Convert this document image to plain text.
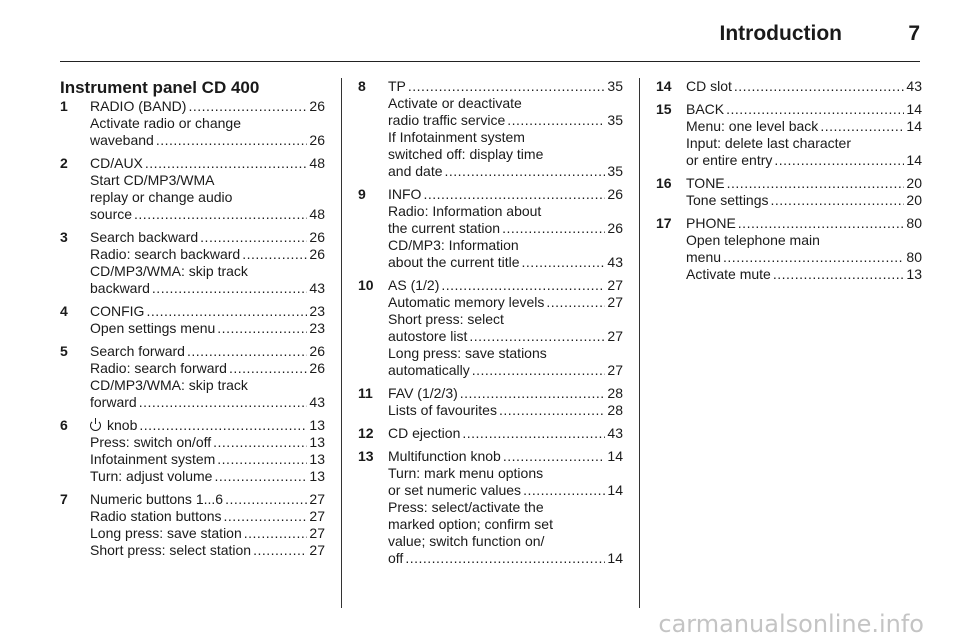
Introduction	7
Instrument panel CD 400
1	RADIO (BAND) .....	26
Activate radio or change
waveband .....	26
2	CD/AUX .....	48
Start CD/MP3/WMA
replay or change audio
source .....	48
3	Search backward .....	26
Radio: search backward .....	26
CD/MP3/WMA: skip track
backward .....	43
4	CONFIG .....	23
Open settings menu .....	23
5	Search forward .....	26
Radio: search forward .....	26
CD/MP3/WMA: skip track
forward .....	43
6	knob .....	13
Press: switch on/off .....	13
Infotainment system .....	13
Turn: adjust volume .....	13
7	Numeric buttons 1...6 .....	27
Radio station buttons .....	27
Long press: save station .....	27
Short press: select station .....	27
8	TP .....	35
Activate or deactivate
radio traffic service .....	35
If Infotainment system
switched off: display time
and date .....	35
9	INFO .....	26
Radio: Information about
the current station .....	26
CD/MP3: Information
about the current title .....	43
10	AS (1/2) .....	27
Automatic memory levels .....	27
Short press: select
autostore list .....	27
Long press: save stations
automatically .....	27
11	FAV (1/2/3) .....	28
Lists of favourites .....	28
12	CD ejection .....	43
13	Multifunction knob .....	14
Turn: mark menu options
or set numeric values .....	14
Press: select/activate the
marked option; confirm set
value; switch function on/
off .....	14
14	CD slot .....	43
15	BACK .....	14
Menu: one level back .....	14
Input: delete last character
or entire entry .....	14
16	TONE .....	20
Tone settings .....	20
17	PHONE .....	80
Open telephone main
menu .....	80
Activate mute .....	13
carmanualsonline.info
